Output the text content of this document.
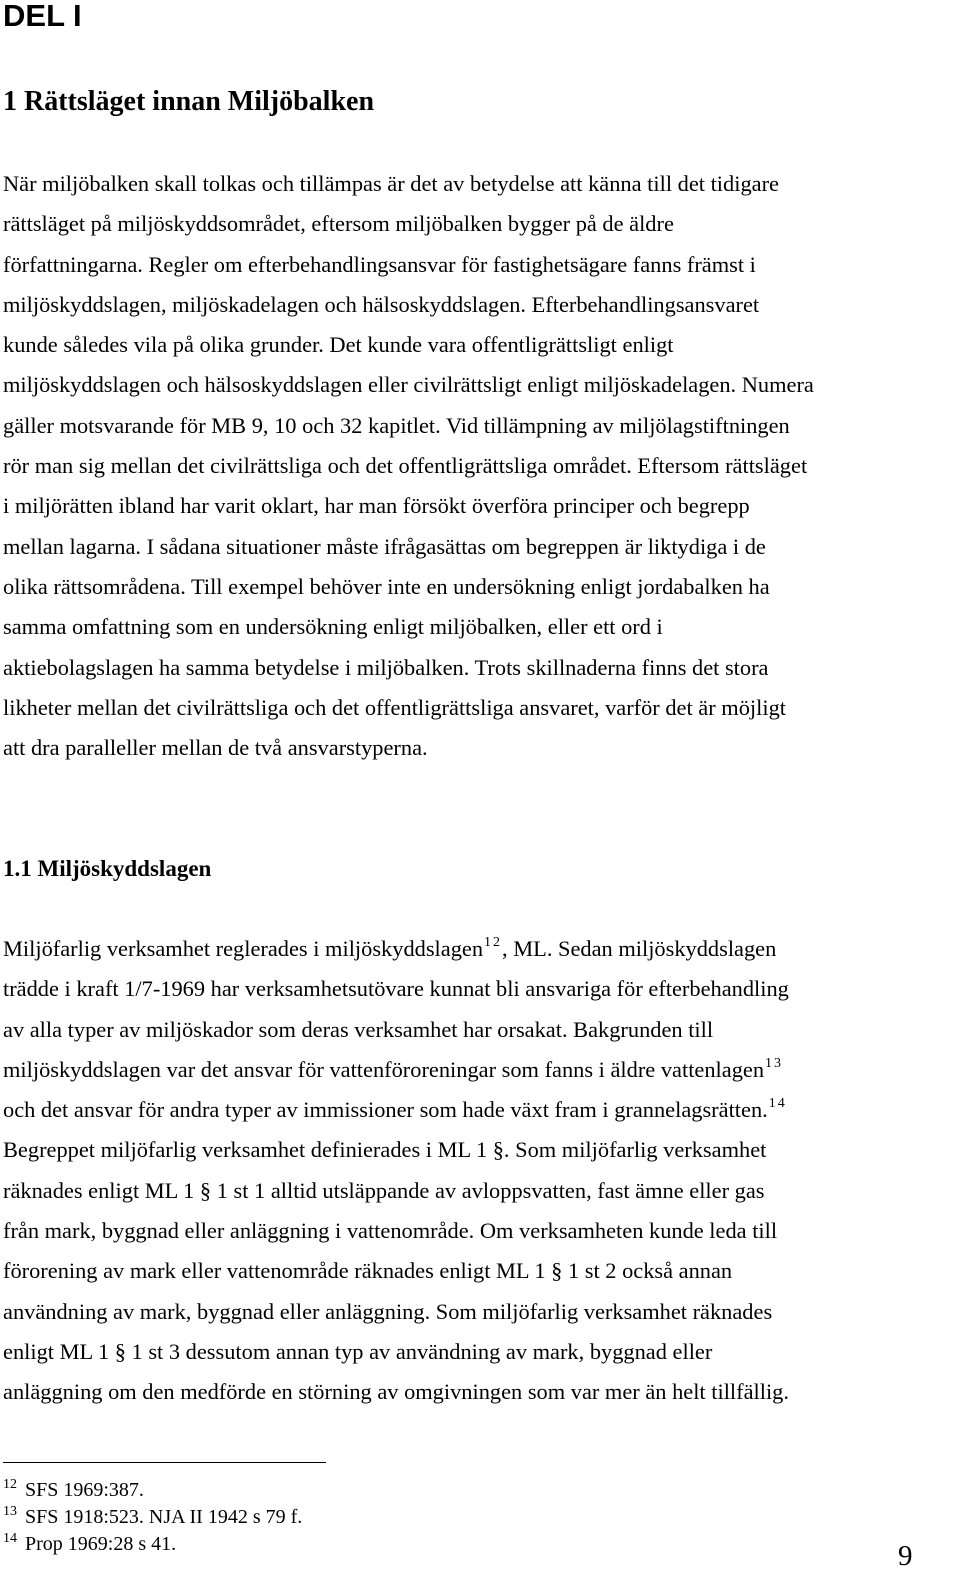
DEL I
1 Rättsläget innan Miljöbalken

När miljöbalken skall tolkas och tillämpas är det av betydelse att känna till det tidigare
rättsläget på miljöskyddsområdet, eftersom miljöbalken bygger på de äldre
författningarna. Regler om efterbehandlingsansvar för fastighetsägare fanns främst i
miljöskyddslagen, miljöskadelagen och hälsoskyddslagen. Efterbehandlingsansvaret
kunde således vila på olika grunder. Det kunde vara offentligrättsligt enligt
miljöskyddslagen och hälsoskyddslagen eller civilrättsligt enligt miljöskadelagen. Numera
gäller motsvarande för MB 9, 10 och 32 kapitlet. Vid tillämpning av miljölagstiftningen
rör man sig mellan det civilrättsliga och det offentligrättsliga området. Eftersom rättsläget
i miljörätten ibland har varit oklart, har man försökt överföra principer och begrepp
mellan lagarna. I sådana situationer måste ifrågasättas om begreppen är liktydiga i de
olika rättsområdena. Till exempel behöver inte en undersökning enligt jordabalken ha
samma omfattning som en undersökning enligt miljöbalken, eller ett ord i
aktiebolagslagen ha samma betydelse i miljöbalken. Trots skillnaderna finns det stora
likheter mellan det civilrättsliga och det offentligrättsliga ansvaret, varför det är möjligt
att dra paralleller mellan de två ansvarstyperna.

1.1 Miljöskyddslagen

Miljöfarlig verksamhet reglerades i miljöskyddslagen$^{12}$, ML. Sedan miljöskyddslagen
trädde i kraft 1/7-1969 har verksamhetsutövare kunnat bli ansvariga för efterbehandling
av alla typer av miljöskador som deras verksamhet har orsakat. Bakgrunden till
miljöskyddslagen var det ansvar för vattenföroreningar som fanns i äldre vattenlagen$^{13}$
och det ansvar för andra typer av immissioner som hade växt fram i grannelagsrätten.$^{14}$
Begreppet miljöfarlig verksamhet definierades i ML 1 §. Som miljöfarlig verksamhet
räknades enligt ML 1 § 1 st 1 alltid utsläppande av avloppsvatten, fast ämne eller gas
från mark, byggnad eller anläggning i vattenområde. Om verksamheten kunde leda till
förorening av mark eller vattenområde räknades enligt ML 1 § 1 st 2 också annan
användning av mark, byggnad eller anläggning. Som miljöfarlig verksamhet räknades
enligt ML 1 § 1 st 3 dessutom annan typ av användning av mark, byggnad eller
anläggning om den medförde en störning av omgivningen som var mer än helt tillfällig.

12 SFS 1969:387.
13 SFS 1918:523. NJA II 1942 s 79 f.
14 Prop 1969:28 s 41.	9
